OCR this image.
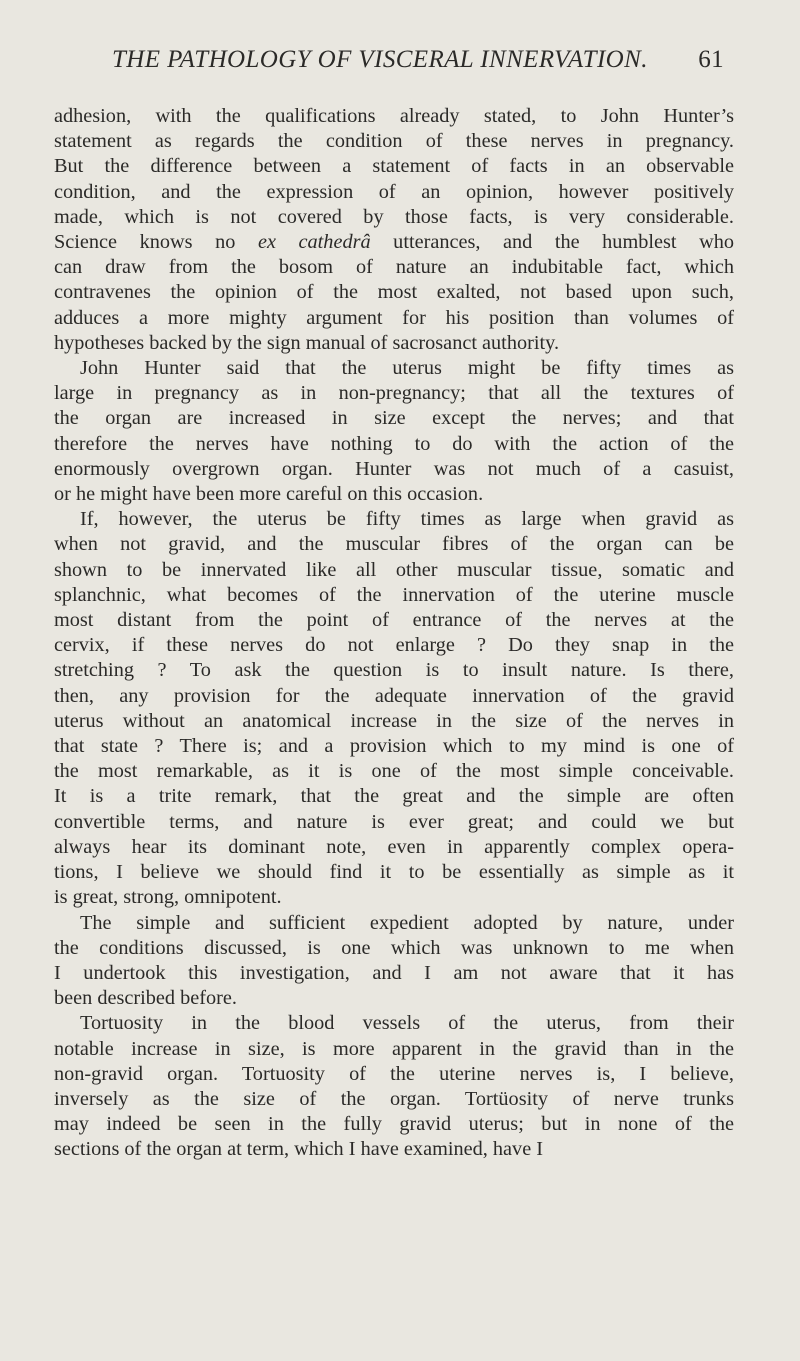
THE PATHOLOGY OF VISCERAL INNERVATION. 61

adhesion, with the qualifications already stated, to John Hunter’s
statement as regards the condition of these nerves in pregnancy.
But the difference between a statement of facts in an observable
condition, and the expression of an opinion, however positively
made, which is not covered by those facts, is very considerable.
Science knows no ex cathedrâ utterances, and the humblest who
can draw from the bosom of nature an indubitable fact, which
contravenes the opinion of the most exalted, not based upon such,
adduces a more mighty argument for his position than volumes of
hypotheses backed by the sign manual of sacrosanct authority.

John Hunter said that the uterus might be fifty times as
large in pregnancy as in non-pregnancy; that all the textures of
the organ are increased in size except the nerves; and that
therefore the nerves have nothing to do with the action of the
enormously overgrown organ. Hunter was not much of a casuist,
or he might have been more careful on this occasion.

If, however, the uterus be fifty times as large when gravid as
when not gravid, and the muscular fibres of the organ can be
shown to be innervated like all other muscular tissue, somatic and
splanchnic, what becomes of the innervation of the uterine muscle
most distant from the point of entrance of the nerves at the
cervix, if these nerves do not enlarge ? Do they snap in the
stretching ? To ask the question is to insult nature. Is there,
then, any provision for the adequate innervation of the gravid
uterus without an anatomical increase in the size of the nerves in
that state ? There is; and a provision which to my mind is one of
the most remarkable, as it is one of the most simple conceivable.
It is a trite remark, that the great and the simple are often
convertible terms, and nature is ever great; and could we but
always hear its dominant note, even in apparently complex opera-
tions, I believe we should find it to be essentially as simple as it
is great, strong, omnipotent.

The simple and sufficient expedient adopted by nature, under
the conditions discussed, is one which was unknown to me when
I undertook this investigation, and I am not aware that it has
been described before.

Tortuosity in the blood vessels of the uterus, from their
notable increase in size, is more apparent in the gravid than in the
non-gravid organ. Tortuosity of the uterine nerves is, I believe,
inversely as the size of the organ. Tortüosity of nerve trunks
may indeed be seen in the fully gravid uterus; but in none of the
sections of the organ at term, which I have examined, have I
